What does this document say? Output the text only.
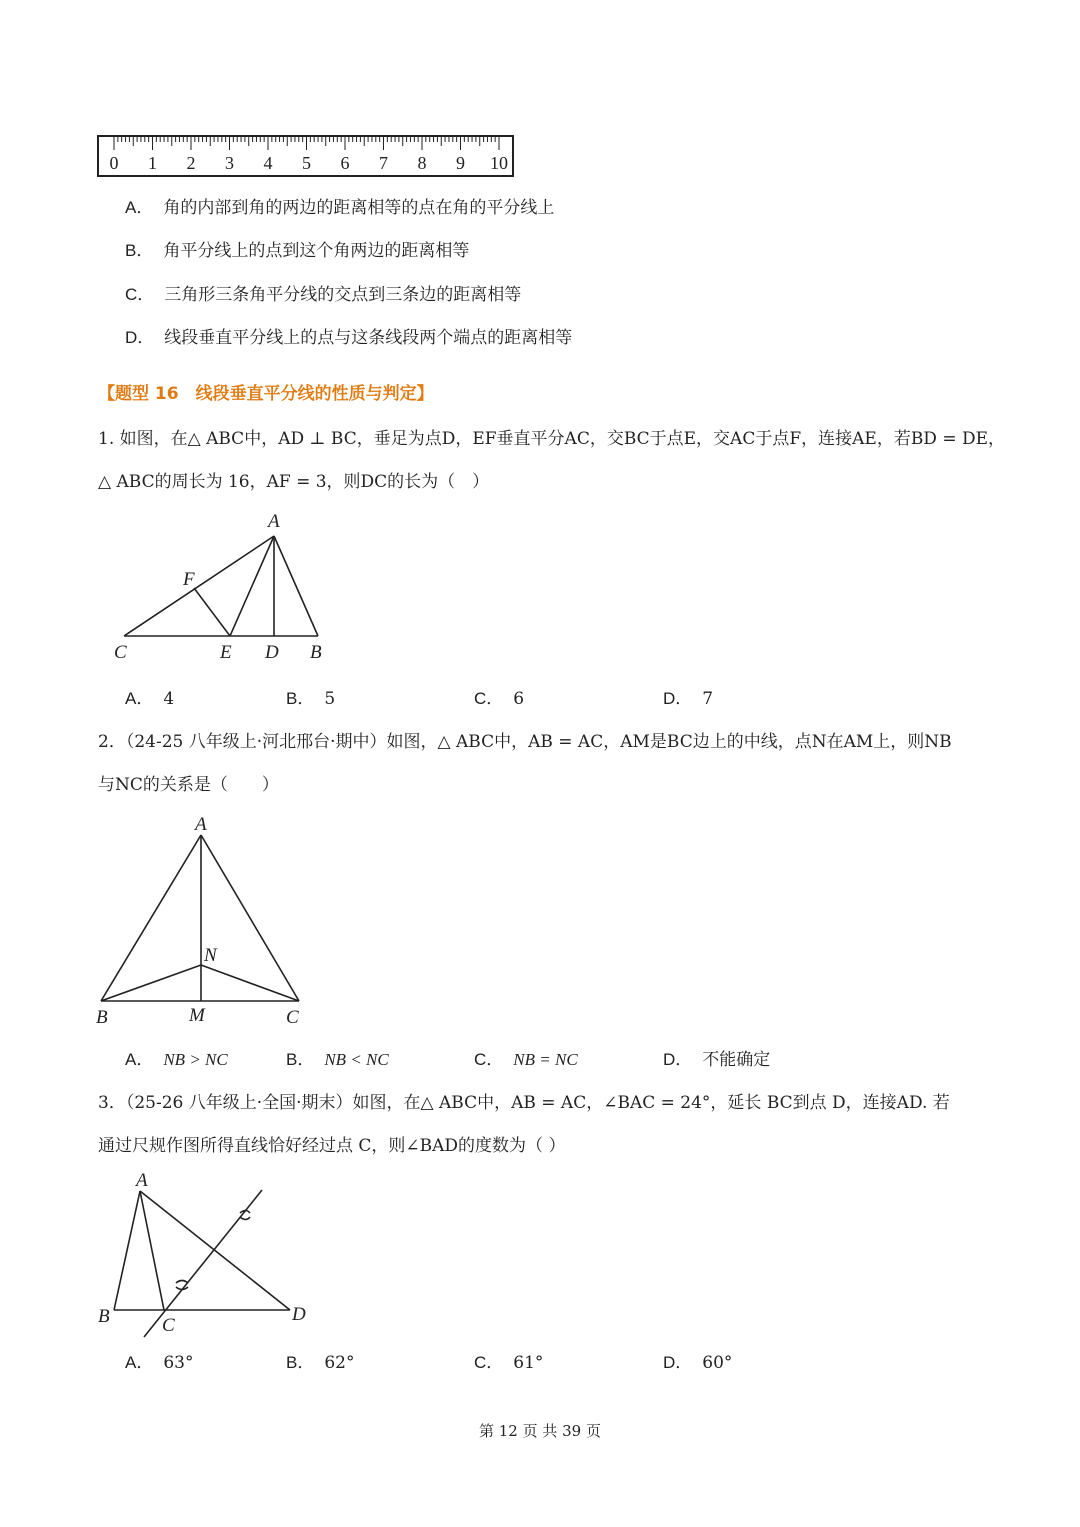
0 1 2 3 4 5 6 7 8 9 10
A． 角的内部到角的两边的距离相等的点在角的平分线上
B． 角平分线上的点到这个角两边的距离相等
C． 三角形三条角平分线的交点到三条边的距离相等
D． 线段垂直平分线上的点与这条线段两个端点的距离相等
【题型 16　线段垂直平分线的性质与判定】
1. 如图，在△ ABC中，AD ⊥ BC，垂足为点D，EF垂直平分AC，交BC于点E，交AC于点F，连接AE，若BD = DE，
△ ABC的周长为 16，AF = 3，则DC的长为（　）
A
F
C	E D B
A． 4	B． 5	C． 6	D． 7
2．（24-25 八年级上·河北邢台·期中）如图，△ ABC中，AB = AC，AM是BC边上的中线，点N在AM上，则NB
与NC的关系是（　　）
A
N
B	M	C
A． NB > NC	B． NB < NC	C． NB = NC	D． 不能确定
3．（25-26 八年级上·全国·期末）如图，在△ ABC中，AB = AC，∠BAC = 24°，延长 BC到点 D，连接AD. 若
通过尺规作图所得直线恰好经过点 C，则∠BAD的度数为（ ）
A
B	C
D
A． 63°	B． 62°	C． 61°	D． 60°
第 12 页 共 39 页
